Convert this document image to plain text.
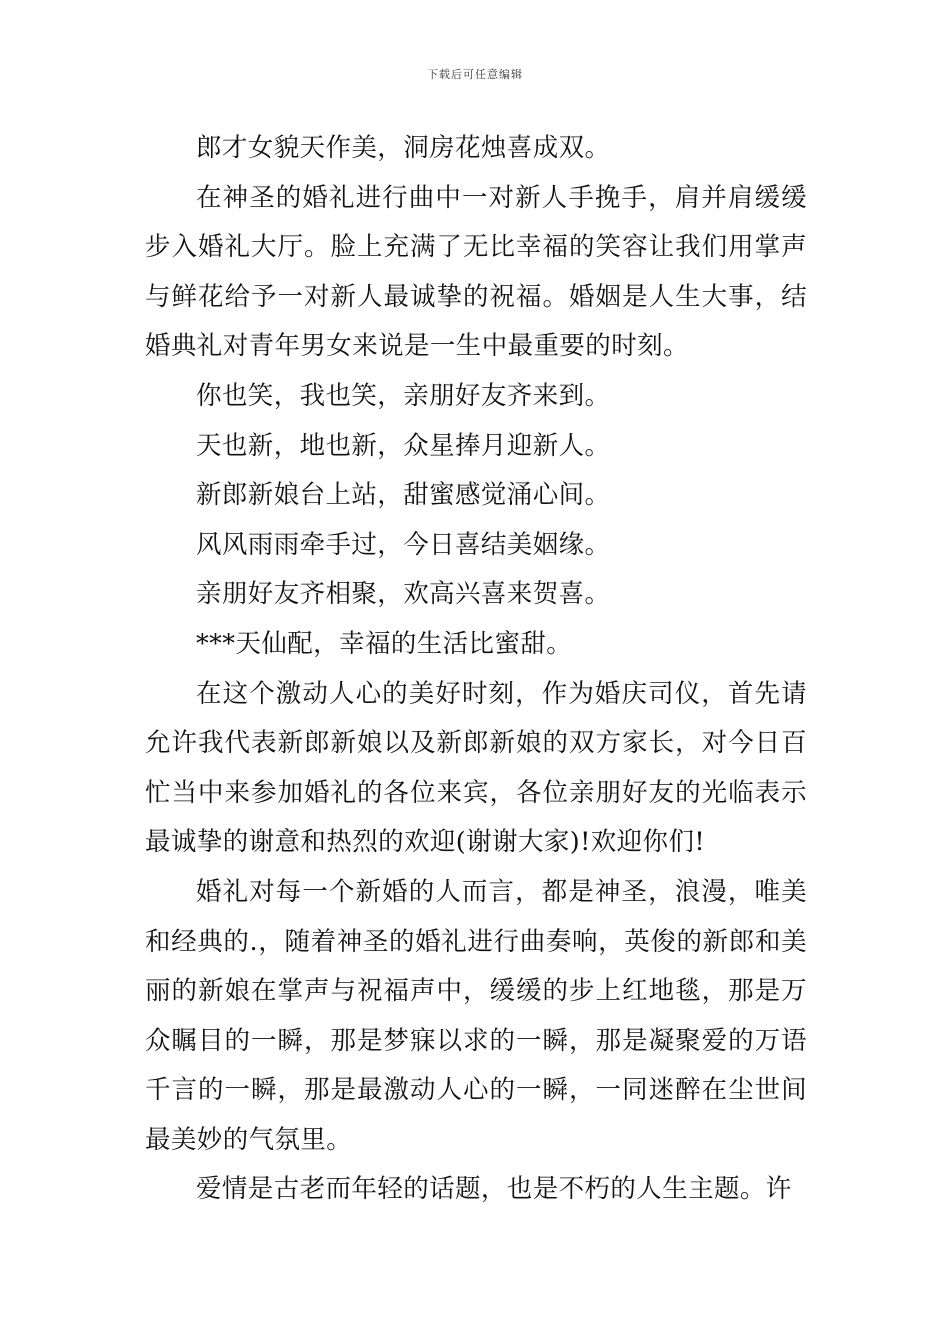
下载后可任意编辑

郎才女貌天作美，洞房花烛喜成双。

在神圣的婚礼进行曲中一对新人手挽手，肩并肩缓缓步入婚礼大厅。脸上充满了无比幸福的笑容让我们用掌声与鲜花给予一对新人最诚挚的祝福。婚姻是人生大事，结婚典礼对青年男女来说是一生中最重要的时刻。

你也笑，我也笑，亲朋好友齐来到。

天也新，地也新，众星捧月迎新人。

新郎新娘台上站，甜蜜感觉涌心间。

风风雨雨牵手过，今日喜结美姻缘。

亲朋好友齐相聚，欢高兴喜来贺喜。

***天仙配，幸福的生活比蜜甜。

在这个激动人心的美好时刻，作为婚庆司仪，首先请允许我代表新郎新娘以及新郎新娘的双方家长，对今日百忙当中来参加婚礼的各位来宾，各位亲朋好友的光临表示最诚挚的谢意和热烈的欢迎(谢谢大家)!欢迎你们!

婚礼对每一个新婚的人而言，都是神圣，浪漫，唯美和经典的.，随着神圣的婚礼进行曲奏响，英俊的新郎和美丽的新娘在掌声与祝福声中，缓缓的步上红地毯，那是万众瞩目的一瞬，那是梦寐以求的一瞬，那是凝聚爱的万语千言的一瞬，那是最激动人心的一瞬，一同迷醉在尘世间最美妙的气氛里。

爱情是古老而年轻的话题，也是不朽的人生主题。许
